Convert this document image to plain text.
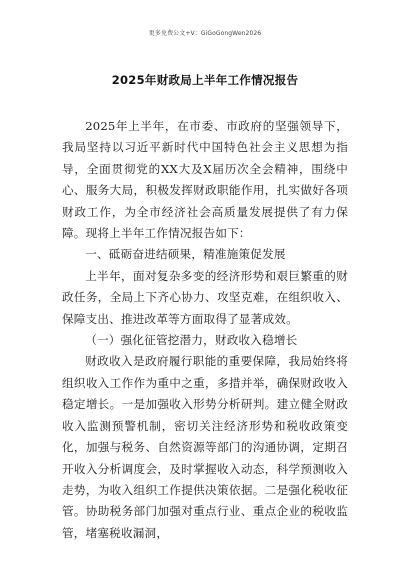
更多免费公文+V：GiGoGongWen2026
2025年财政局上半年工作情况报告

2025年上半年，在市委、市政府的坚强领导下，我局坚持以习近平新时代中国特色社会主义思想为指导，全面贯彻党的XX大及X届历次全会精神，围绕中心、服务大局，积极发挥财政职能作用，扎实做好各项财政工作，为全市经济社会高质量发展提供了有力保障。现将上半年工作情况报告如下：

一、砥砺奋进结硕果，精准施策促发展

上半年，面对复杂多变的经济形势和艰巨繁重的财政任务，全局上下齐心协力、攻坚克难，在组织收入、保障支出、推进改革等方面取得了显著成效。

（一）强化征管挖潜力，财政收入稳增长

财政收入是政府履行职能的重要保障，我局始终将组织收入工作作为重中之重，多措并举，确保财政收入稳定增长。一是加强收入形势分析研判。建立健全财政收入监测预警机制，密切关注经济形势和税收政策变化，加强与税务、自然资源等部门的沟通协调，定期召开收入分析调度会，及时掌握收入动态，科学预测收入走势，为收入组织工作提供决策依据。二是强化税收征管。协助税务部门加强对重点行业、重点企业的税收监管，堵塞税收漏洞，
